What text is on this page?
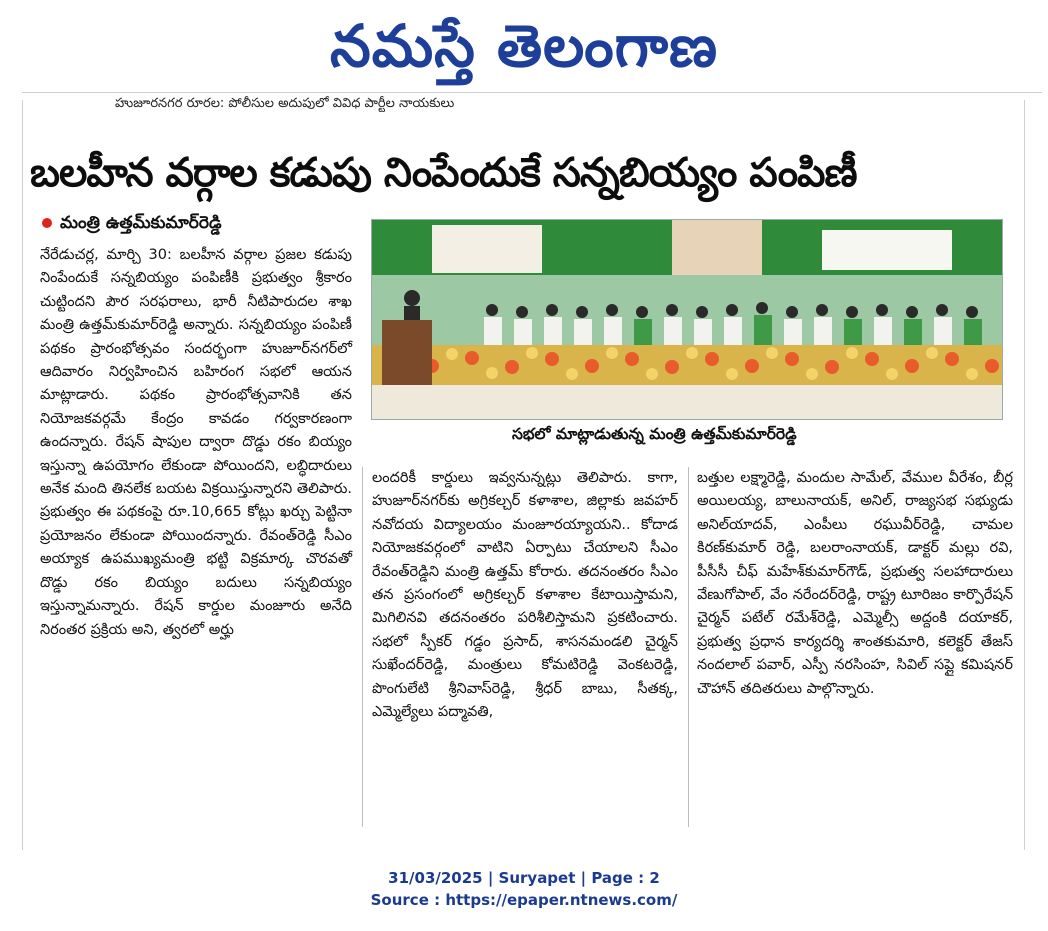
నమస్తే తెలంగాణ
హుజూరనగర రూరల: పోలీసుల అదుపులో వివిధ పార్టీల నాయకులు
బలహీన వర్గాల కడుపు నింపేందుకే సన్నబియ్యం పంపిణీ
మంత్రి ఉత్తమ్‌కుమార్‌రెడ్డి
నేరేడుచర్ల, మార్చి 30: బలహీన వర్గాల ప్రజల కడుపు నింపేందుకే సన్నబియ్యం పంపిణీకి ప్రభుత్వం శ్రీకారం చుట్టిందని పౌర సరఫరాలు, భారీ నీటిపారుదల శాఖ మంత్రి ఉత్తమ్‌కుమార్‌రెడ్డి అన్నారు. సన్నబియ్యం పంపిణీ పథకం ప్రారంభోత్సవం సందర్భంగా హుజూర్‌నగర్‌లో ఆదివారం నిర్వహించిన బహిరంగ సభలో ఆయన మాట్లాడారు. పథకం ప్రారంభోత్సవానికి తన నియోజకవర్గమే కేంద్రం కావడం గర్వకారణంగా ఉందన్నారు. రేషన్ షాపుల ద్వారా దొడ్డు రకం బియ్యం ఇస్తున్నా ఉపయోగం లేకుండా పోయిందని, లబ్ధిదారులు అనేక మంది తినలేక బయట విక్రయిస్తున్నారని తెలిపారు. ప్రభుత్వం ఈ పథకంపై రూ.10,665 కోట్లు ఖర్చు పెట్టినా ప్రయోజనం లేకుండా పోయిందన్నారు. రేవంత్‌రెడ్డి సీఎం అయ్యాక ఉపముఖ్యమంత్రి భట్టి విక్రమార్క చొరవతో దొడ్డు రకం బియ్యం బదులు సన్నబియ్యం ఇస్తున్నామన్నారు. రేషన్ కార్డుల మంజూరు అనేది నిరంతర ప్రక్రియ అని, త్వరలో అర్హు
సభలో మాట్లాడుతున్న మంత్రి ఉత్తమ్‌కుమార్‌రెడ్డి
లందరికీ కార్డులు ఇవ్వనున్నట్లు తెలిపారు. కాగా, హుజూర్‌నగర్‌కు అగ్రికల్చర్ కళాశాల, జిల్లాకు జవహర్ నవోదయ విద్యాలయం మంజూరయ్యాయని.. కోదాడ నియోజకవర్గంలో వాటిని ఏర్పాటు చేయాలని సీఎం రేవంత్‌రెడ్డిని మంత్రి ఉత్తమ్ కోరారు. తదనంతరం సీఎం తన ప్రసంగంలో అగ్రికల్చర్ కళాశాల కేటాయిస్తామని, మిగిలినవి తదనంతరం పరిశీలిస్తామని ప్రకటించారు. సభలో స్పీకర్ గడ్డం ప్రసాద్, శాసనమండలి చైర్మన్ సుఖేందర్‌రెడ్డి, మంత్రులు కోమటిరెడ్డి వెంకటరెడ్డి, పొంగులేటి శ్రీనివాస్‌రెడ్డి, శ్రీధర్ బాబు, సీతక్క, ఎమ్మెల్యేలు పద్మావతి,
బత్తుల లక్ష్మారెడ్డి, మందుల సామేల్, వేముల వీరేశం, బీర్ల అయిలయ్య, బాలునాయక్, అనిల్, రాజ్యసభ సభ్యుడు అనిల్‌యాదవ్, ఎంపీలు రఘువీర్‌రెడ్డి, చామల కిరణ్‌కుమార్ రెడ్డి, బలరాంనాయక్, డాక్టర్ మల్లు రవి, పీసీసీ చీఫ్ మహేశ్‌కుమార్‌గౌడ్, ప్రభుత్వ సలహాదారులు వేణుగోపాల్, వేం నరేందర్‌రెడ్డి, రాష్ట్ర టూరిజం కార్పొరేషన్ చైర్మన్ పటేల్ రమేశ్‌రెడ్డి, ఎమ్మెల్సీ అద్దంకి దయాకర్, ప్రభుత్వ ప్రధాన కార్యదర్శి శాంతకుమారి, కలెక్టర్ తేజస్ నందలాల్ పవార్, ఎస్పీ నరసింహ, సివిల్ సప్లై కమిషనర్ చౌహాన్ తదితరులు పాల్గొన్నారు.
31/03/2025 | Suryapet | Page : 2
Source : https://epaper.ntnews.com/
